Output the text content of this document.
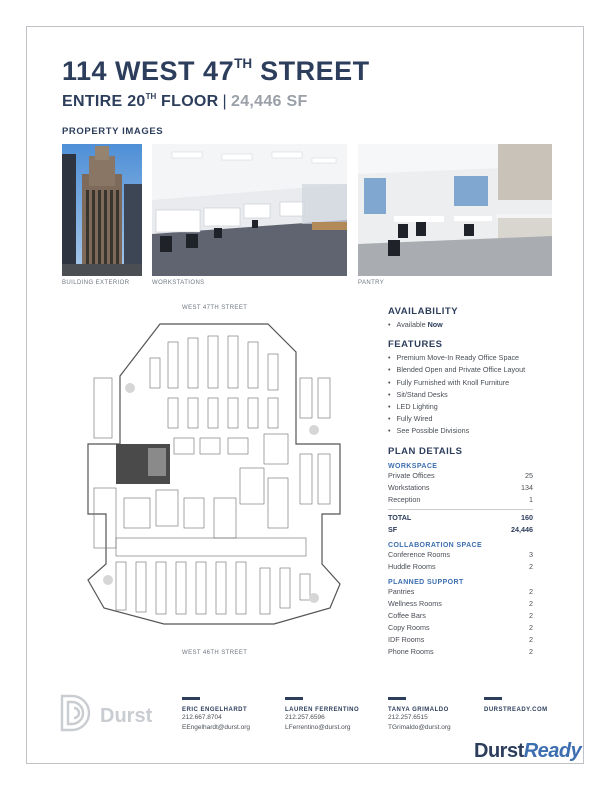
114 WEST 47TH STREET
ENTIRE 20TH FLOOR | 24,446 SF
PROPERTY IMAGES
BUILDING EXTERIOR	WORKSTATIONS	PANTRY
WEST 47TH STREET
WEST 46TH STREET
AVAILABILITY
• Available Now
FEATURES
• Premium Move-In Ready Office Space
• Blended Open and Private Office Layout
• Fully Furnished with Knoll Furniture
• Sit/Stand Desks
• LED Lighting
• Fully Wired
• See Possible Divisions
PLAN DETAILS
WORKSPACE
Private Offices	25
Workstations	134
Reception	1
TOTAL	160
SF	24,446
COLLABORATION SPACE
Conference Rooms	3
Huddle Rooms	2
PLANNED SUPPORT
Pantries	2
Wellness Rooms	2
Coffee Bars	2
Copy Rooms	2
IDF Rooms	2
Phone Rooms	2
Durst	ERIC ENGELHARDT
212.667.8704
EEngelhardt@durst.org
LAUREN FERRENTINO
212.257.6596
LFerrentino@durst.org
TANYA GRIMALDO
212.257.6515
TGrimaldo@durst.org
DURSTREADY.COM
DurstReady
